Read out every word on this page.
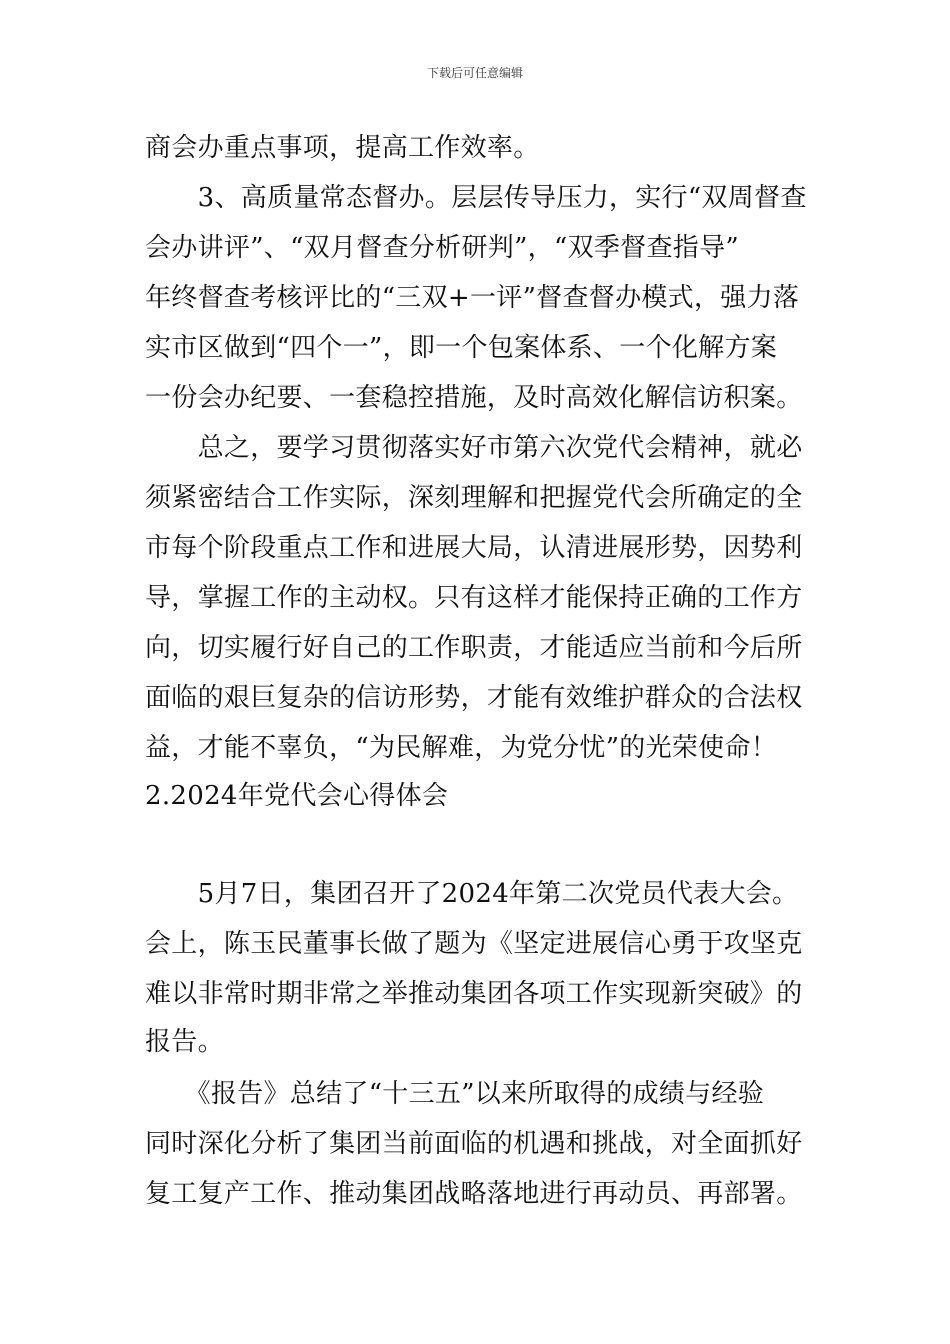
下载后可任意编辑
商会办重点事项，提高工作效率。
　　3、高质量常态督办。层层传导压力，实行“双周督查
会办讲评”、“双月督查分析研判”，“双季督查指导”
年终督查考核评比的“三双+一评”督查督办模式，强力落
实市区做到“四个一”，即一个包案体系、一个化解方案
一份会办纪要、一套稳控措施，及时高效化解信访积案。
　　总之，要学习贯彻落实好市第六次党代会精神，就必
须紧密结合工作实际，深刻理解和把握党代会所确定的全
市每个阶段重点工作和进展大局，认清进展形势，因势利
导，掌握工作的主动权。只有这样才能保持正确的工作方
向，切实履行好自己的工作职责，才能适应当前和今后所
面临的艰巨复杂的信访形势，才能有效维护群众的合法权
益，才能不辜负，“为民解难，为党分忧”的光荣使命！
2.2024年党代会心得体会
　　5月7日，集团召开了2024年第二次党员代表大会。
会上，陈玉民董事长做了题为《坚定进展信心勇于攻坚克
难以非常时期非常之举推动集团各项工作实现新突破》的
报告。
　　《报告》总结了“十三五”以来所取得的成绩与经验
同时深化分析了集团当前面临的机遇和挑战，对全面抓好
复工复产工作、推动集团战略落地进行再动员、再部署。
